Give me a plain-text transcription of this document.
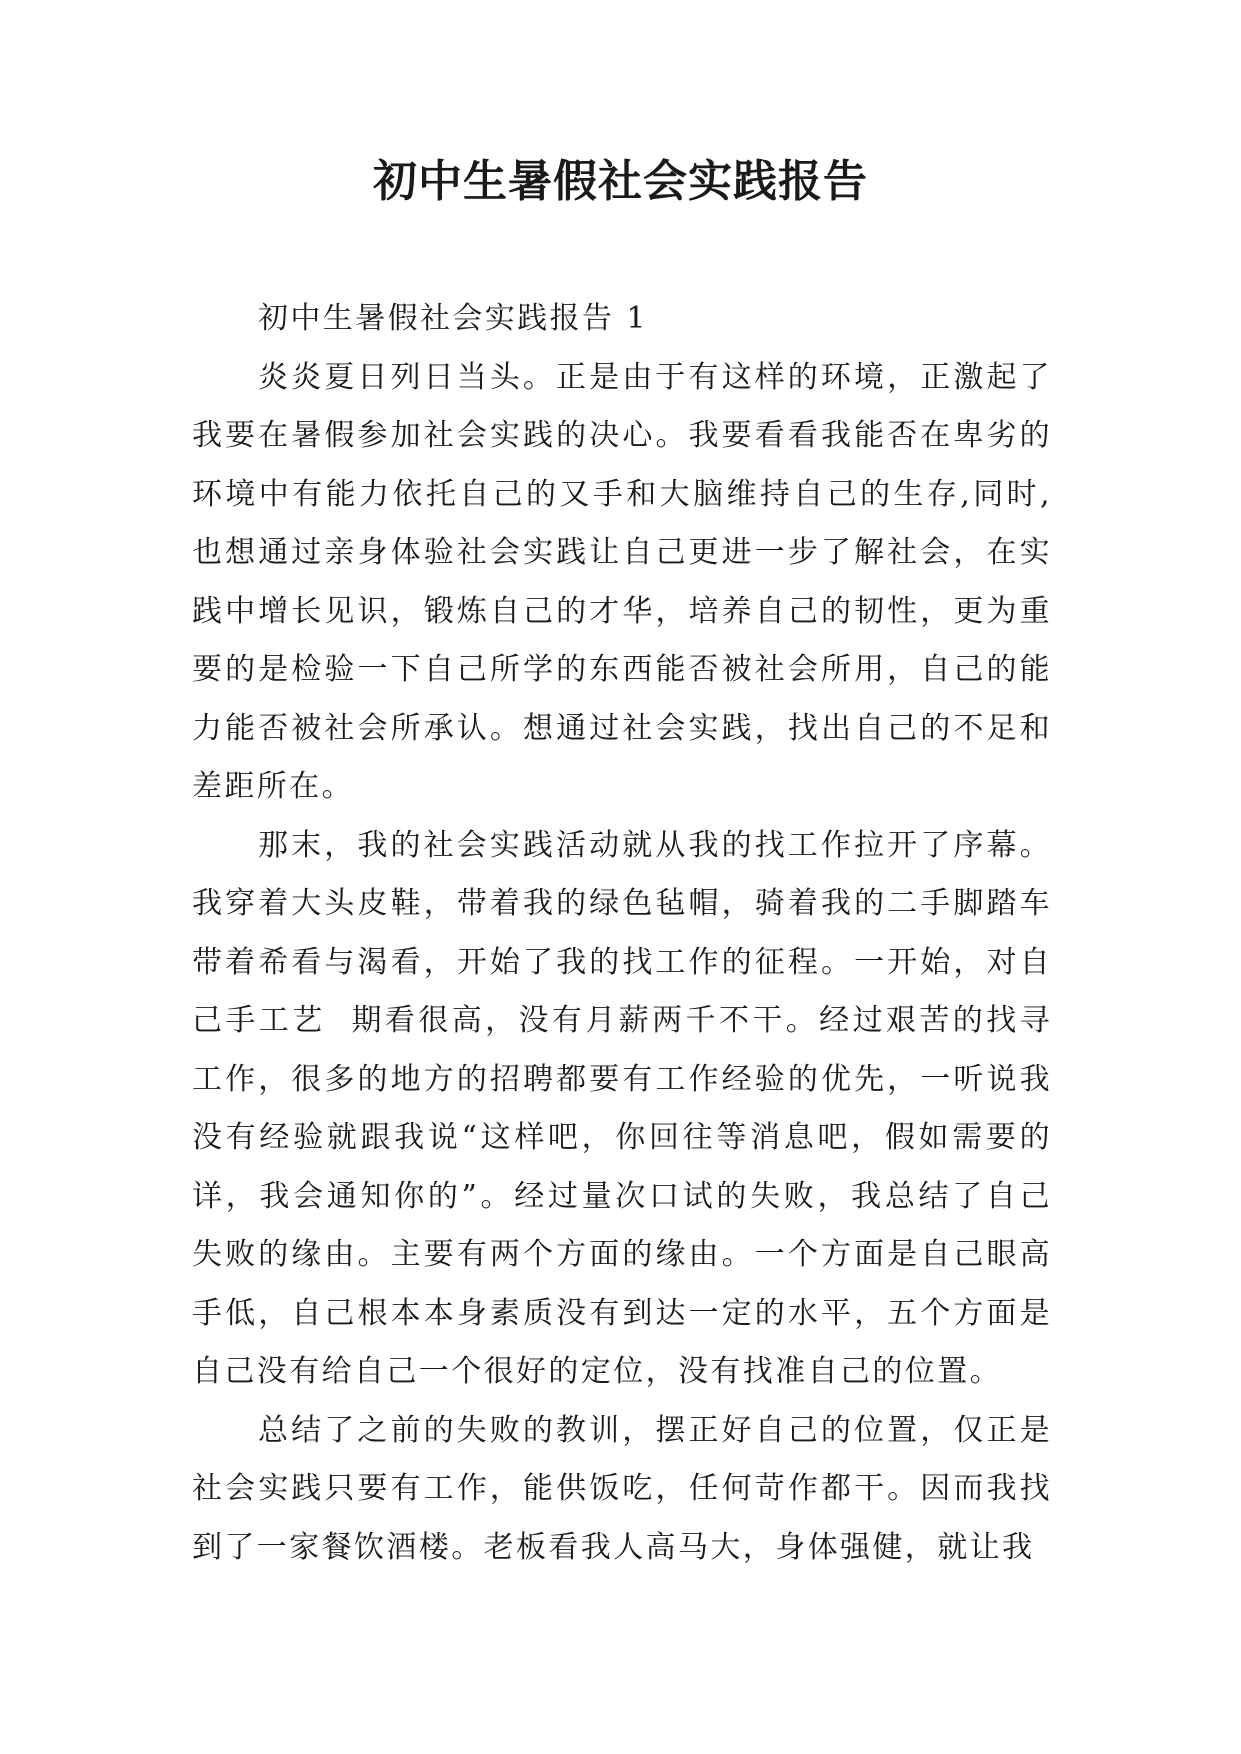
初中生暑假社会实践报告

初中生暑假社会实践报告 1

炎炎夏日列日当头。正是由于有这样的环境，正激起了我要在暑假参加社会实践的决心。我要看看我能否在卑劣的环境中有能力依托自己的又手和大脑维持自己的生存,同时,也想通过亲身体验社会实践让自己更进一步了解社会，在实践中增长见识，锻炼自己的才华，培养自己的韧性，更为重要的是检验一下自己所学的东西能否被社会所用，自己的能力能否被社会所承认。想通过社会实践，找出自己的不足和差距所在。

那末，我的社会实践活动就从我的找工作拉开了序幕。我穿着大头皮鞋，带着我的绿色毡帽，骑着我的二手脚踏车带着希看与渴看，开始了我的找工作的征程。一开始，对自己手工艺  期看很高，没有月薪两千不干。经过艰苦的找寻工作，很多的地方的招聘都要有工作经验的优先，一听说我没有经验就跟我说“这样吧，你回往等消息吧，假如需要的详，我会通知你的”。经过量次口试的失败，我总结了自己失败的缘由。主要有两个方面的缘由。一个方面是自己眼高手低，自己根本本身素质没有到达一定的水平，五个方面是自己没有给自己一个很好的定位，没有找准自己的位置。

总结了之前的失败的教训，摆正好自己的位置，仅正是社会实践只要有工作，能供饭吃，任何苛作都干。因而我找到了一家餐饮酒楼。老板看我人高马大，身体强健，就让我
